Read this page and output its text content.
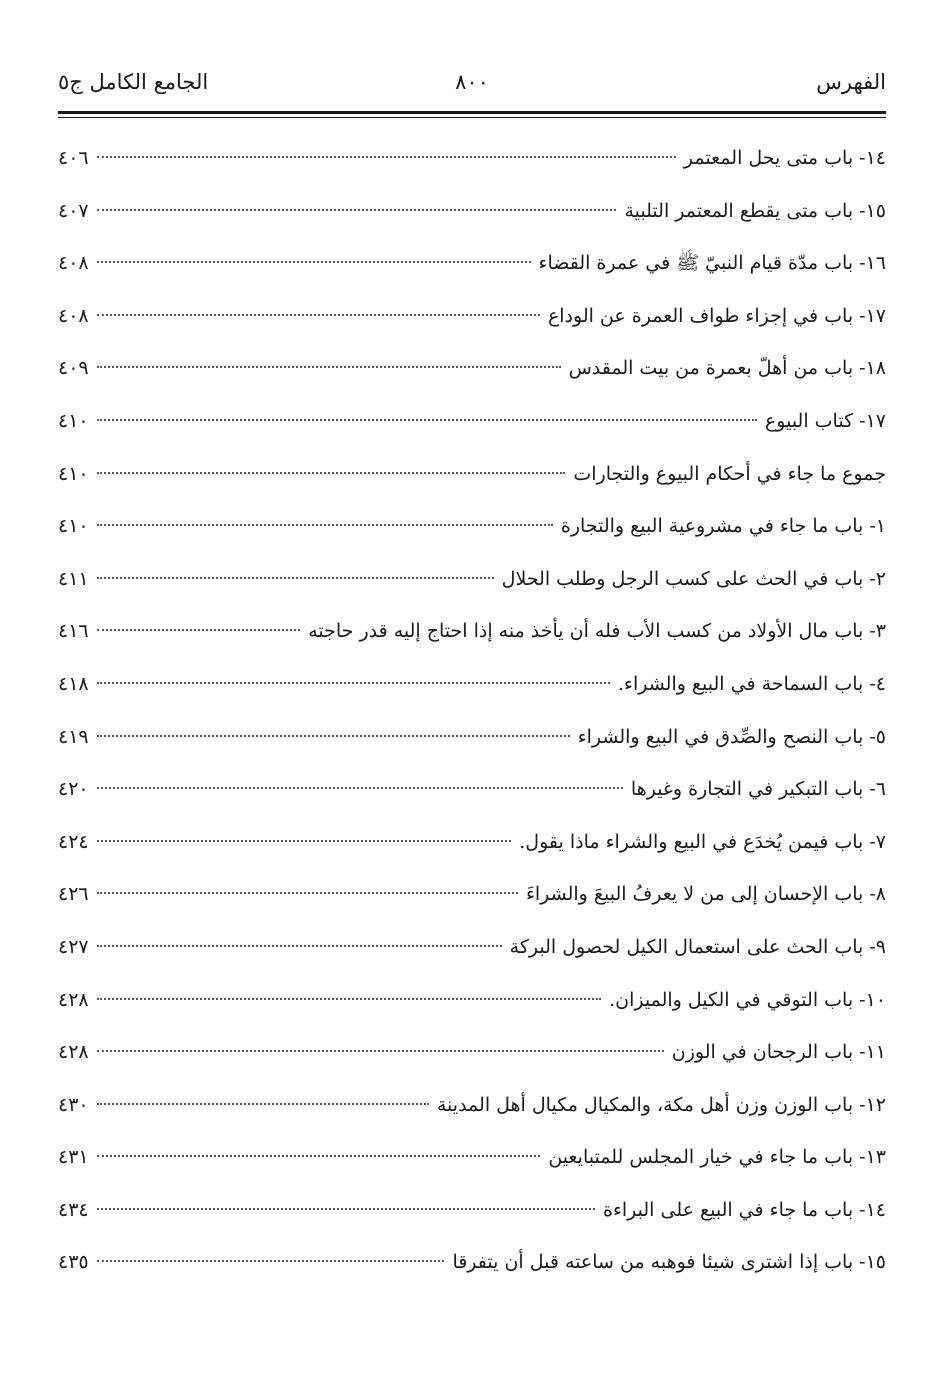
الفهرس
٨٠٠
الجامع الكامل ج٥
١٤- باب متى يحل المعتمر
٤٠٦
١٥- باب متى يقطع المعتمر التلبية
٤٠٧
١٦- باب مدّة قيام النبيّ ﷺ في عمرة القضاء
٤٠٨
١٧- باب في إجزاء طواف العمرة عن الوداع
٤٠٨
١٨- باب من أهلّ بعمرة من بيت المقدس
٤٠٩
١٧- كتاب البيوع
٤١٠
جموع ما جاء في أحكام البيوع والتجارات
٤١٠
١- باب ما جاء في مشروعية البيع والتجارة
٤١٠
٢- باب في الحث على كسب الرجل وطلب الحلال
٤١١
٣- باب مال الأولاد من كسب الأب فله أن يأخذ منه إذا احتاج إليه قدر حاجته
٤١٦
٤- باب السماحة في البيع والشراء.
٤١٨
٥- باب النصح والصِّدق في البيع والشراء
٤١٩
٦- باب التبكير في التجارة وغيرها
٤٢٠
٧- باب فيمن يُخدَع في البيع والشراء ماذا يقول.
٤٢٤
٨- باب الإحسان إلى من لا يعرفُ البيعَ والشراءَ
٤٢٦
٩- باب الحث على استعمال الكيل لحصول البركة
٤٢٧
١٠- باب التوقي في الكيل والميزان.
٤٢٨
١١- باب الرجحان في الوزن
٤٢٨
١٢- باب الوزن وزن أهل مكة، والمكيال مكيال أهل المدينة
٤٣٠
١٣- باب ما جاء في خيار المجلس للمتبايعين
٤٣١
١٤- باب ما جاء في البيع على البراءة
٤٣٤
١٥- باب إذا اشترى شيئا فوهبه من ساعته قبل أن يتفرقا
٤٣٥
